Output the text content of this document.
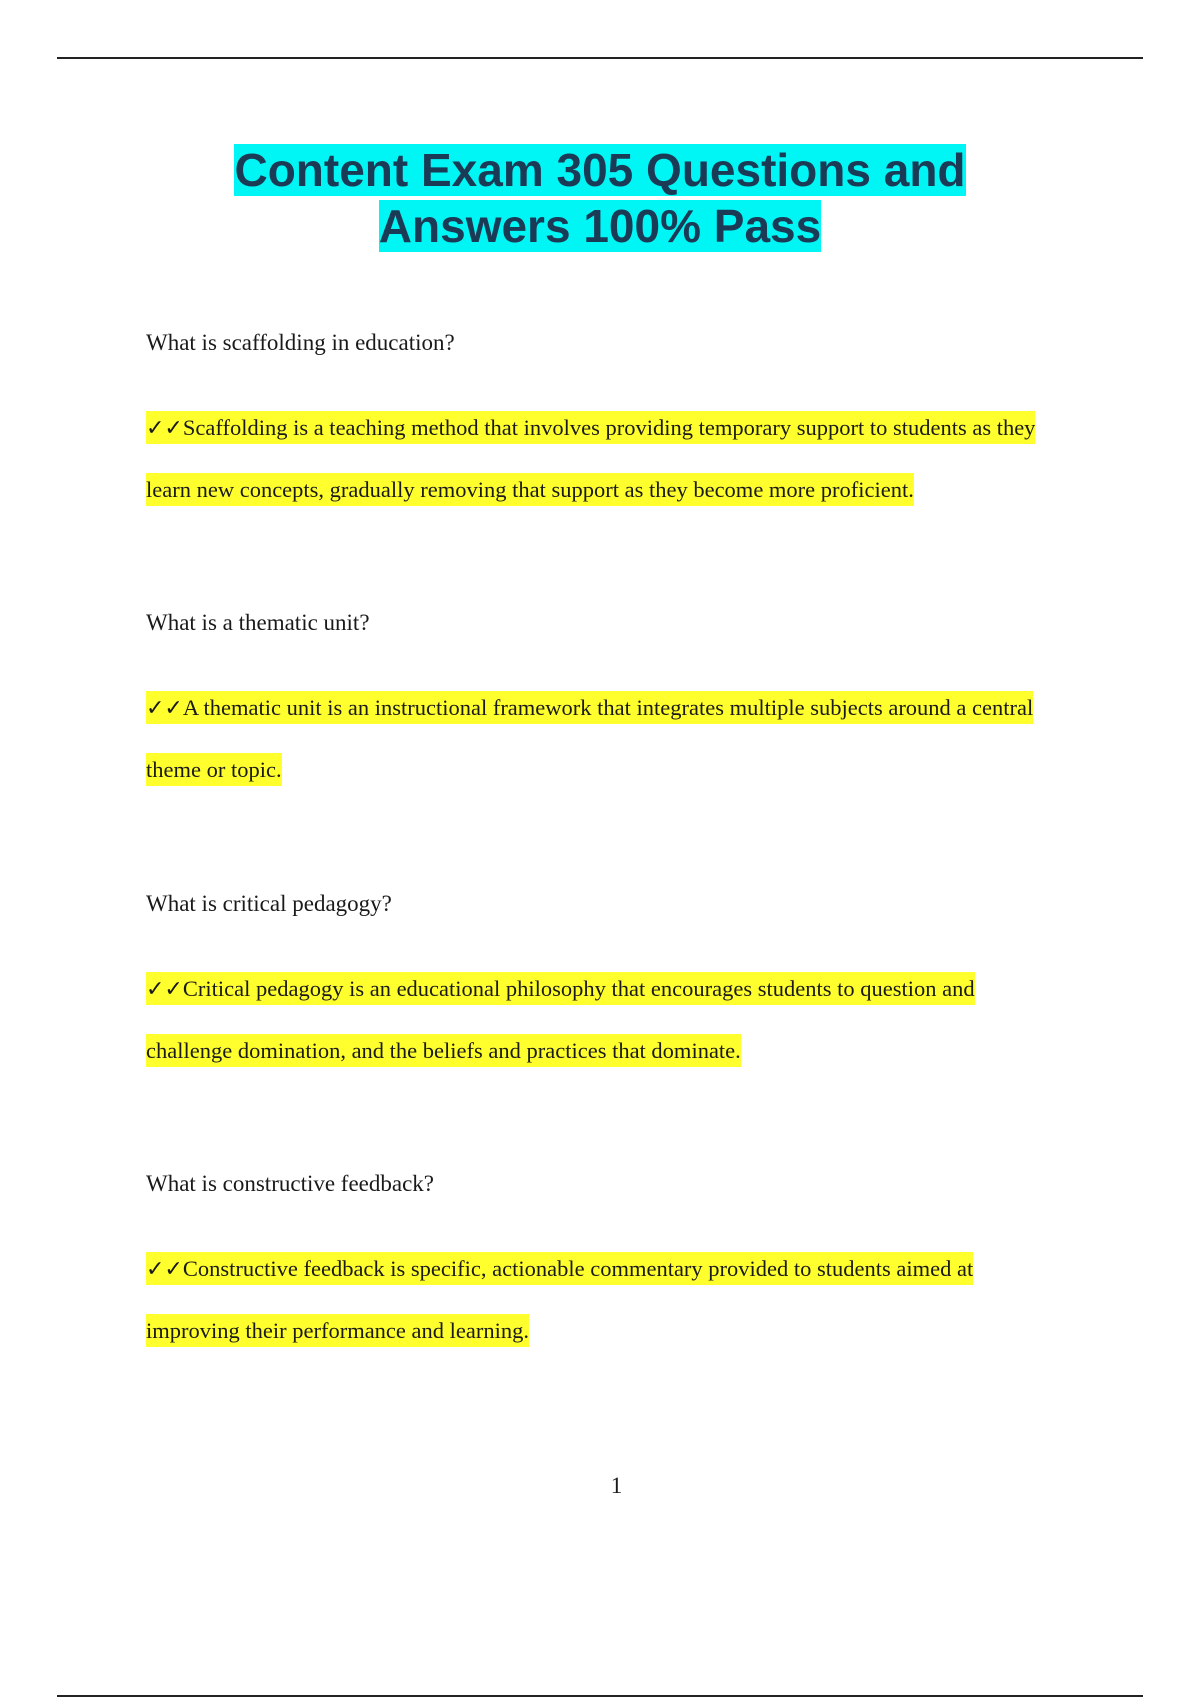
Content Exam 305 Questions and
Answers 100% Pass

What is scaffolding in education?

✓✓Scaffolding is a teaching method that involves providing temporary support to students as they learn new concepts, gradually removing that support as they become more proficient.

What is a thematic unit?

✓✓A thematic unit is an instructional framework that integrates multiple subjects around a central theme or topic.

What is critical pedagogy?

✓✓Critical pedagogy is an educational philosophy that encourages students to question and challenge domination, and the beliefs and practices that dominate.

What is constructive feedback?

✓✓Constructive feedback is specific, actionable commentary provided to students aimed at improving their performance and learning.

1
